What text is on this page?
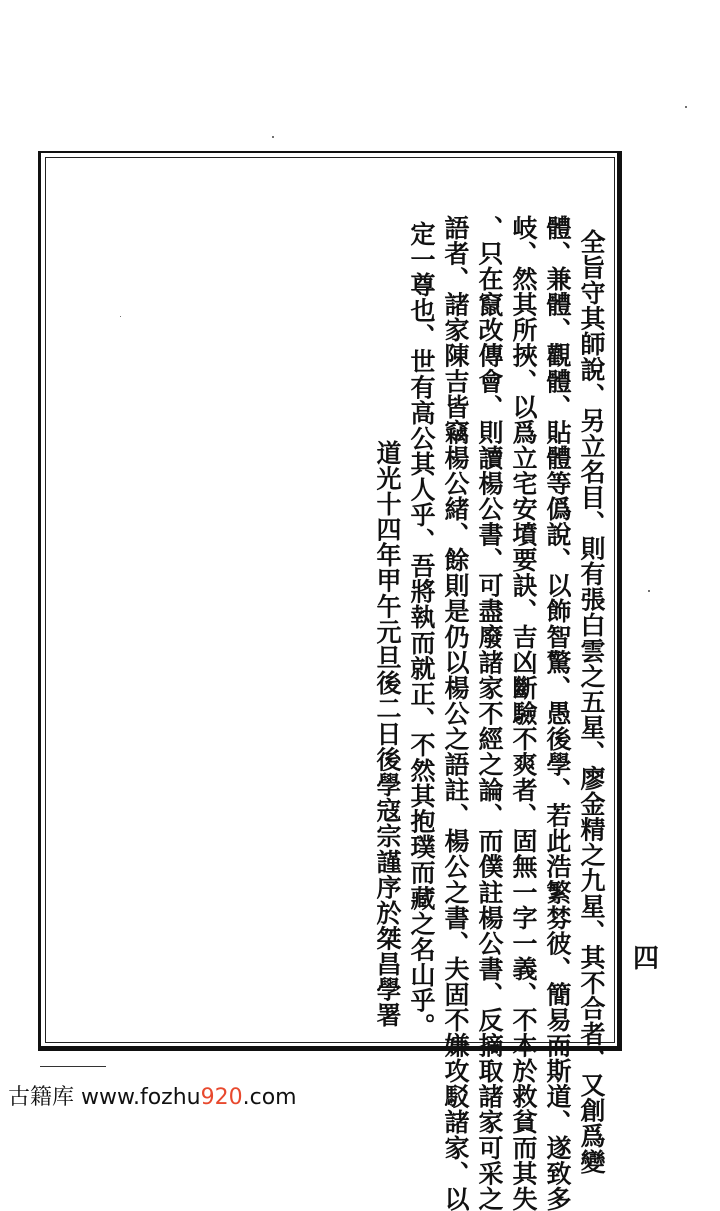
全旨守其師說、另立名目、則有張白雲之五星、廖金精之九星、其不合者、又創爲變
體、兼體、觀體、貼體等僞說、以飾智驚、愚後學、若此浩繁棼彼、簡易而斯道、遂致多
岐、然其所挾、以爲立宅安墳要訣、吉凶斷驗不爽者、固無一字一義、不本於救貧而其失
、只在竄改傳會、則讀楊公書、可盡廢諸家不經之論、而僕註楊公書、反摘取諸家可采之
語者、諸家陳吉皆竊楊公緒、餘則是仍以楊公之語註、楊公之書、夫固不嫌攻駁諸家、以
定一尊也、世有高公其人乎、吾將執而就正、不然其抱璞而藏之名山乎。
道光十四年甲午元旦後二日後學寇宗謹序於桀昌學署	四
古籍库 www.fozhu920.com
